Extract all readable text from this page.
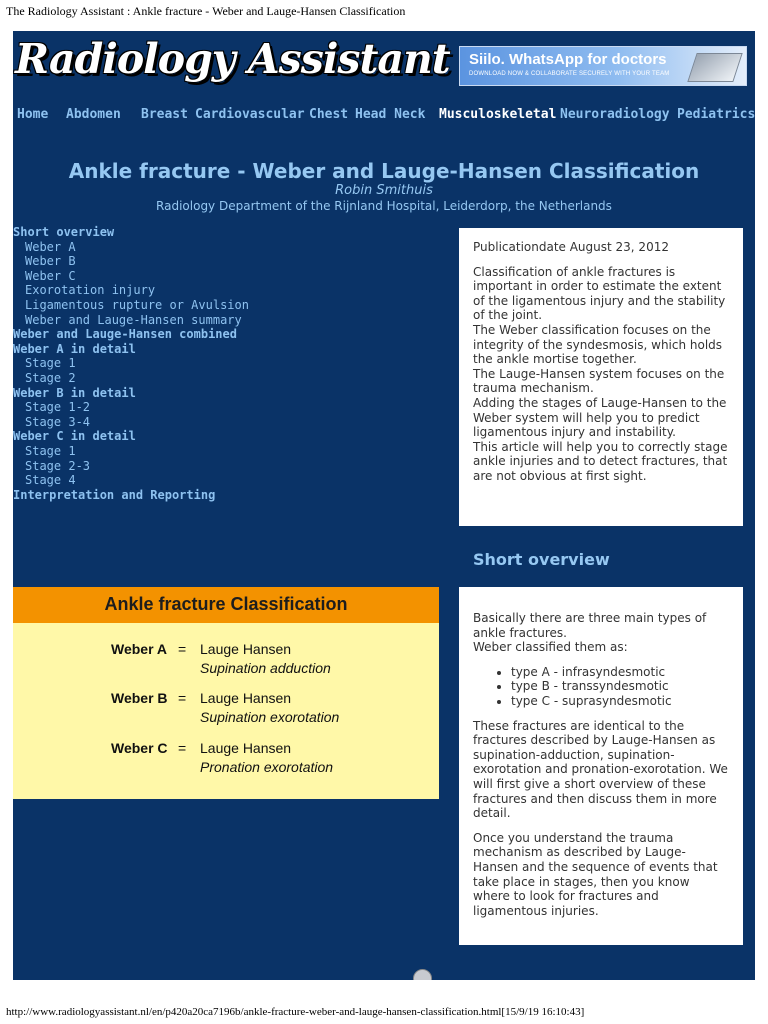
The Radiology Assistant : Ankle fracture - Weber and Lauge-Hansen Classification
Radiology Assistant Siilo. WhatsApp for doctors
DOWNLOAD NOW & COLLABORATE SECURELY WITH YOUR TEAM
Home Abdomen Breast Cardiovascular Chest Head Neck Musculoskeletal Neuroradiology Pediatrics
Ankle fracture - Weber and Lauge-Hansen Classification
Robin Smithuis
Radiology Department of the Rijnland Hospital, Leiderdorp, the Netherlands
Short overview
Weber A
Weber B
Weber C
Exorotation injury
Ligamentous rupture or Avulsion
Weber and Lauge-Hansen summary
Weber and Lauge-Hansen combined
Weber A in detail
Stage 1
Stage 2
Weber B in detail
Stage 1-2
Stage 3-4
Weber C in detail
Stage 1
Stage 2-3
Stage 4
Interpretation and Reporting

Publicationdate August 23, 2012

Classification of ankle fractures is important in order to estimate the extent of the ligamentous injury and the stability of the joint.

The Weber classification focuses on the integrity of the syndesmosis, which holds the ankle mortise together.

The Lauge-Hansen system focuses on the trauma mechanism.

Adding the stages of Lauge-Hansen to the Weber system will help you to predict ligamentous injury and instability.

This article will help you to correctly stage ankle injuries and to detect fractures, that are not obvious at first sight.

Short overview

Basically there are three main types of ankle fractures.

Weber classified them as:

• type A - infrasyndesmotic
• type B - transsyndesmotic
• type C - suprasyndesmotic

These fractures are identical to the fractures described by Lauge-Hansen as supination-adduction, supination-exorotation and pronation-exorotation. We will first give a short overview of these fractures and then discuss them in more detail.

Once you understand the trauma mechanism as described by Lauge-Hansen and the sequence of events that take place in stages, then you know where to look for fractures and ligamentous injuries.

Ankle fracture Classification
Weber A = Lauge Hansen
Supination adduction
Weber B = Lauge Hansen
Supination exorotation
Weber C = Lauge Hansen
Pronation exorotation
http://www.radiologyassistant.nl/en/p420a20ca7196b/ankle-fracture-weber-and-lauge-hansen-classification.html[15/9/19 16:10:43]
